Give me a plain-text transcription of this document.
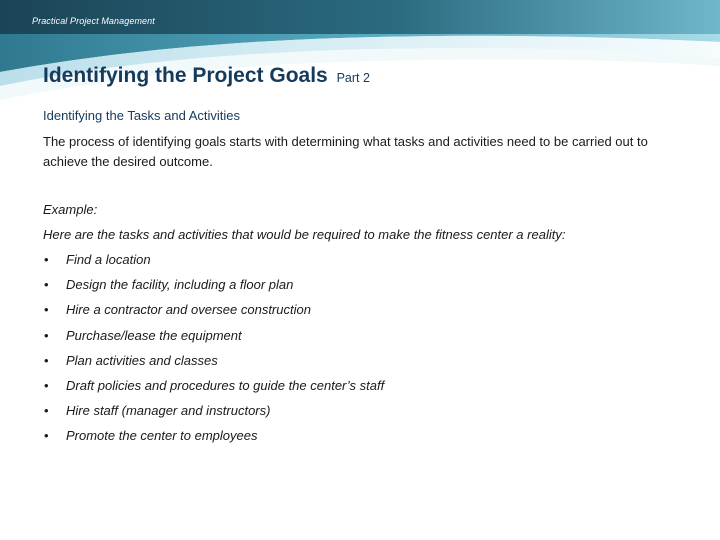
Practical Project Management
Identifying the Project Goals Part 2
Identifying the Tasks and Activities
The process of identifying goals starts with determining what tasks and activities need to be carried out to achieve the desired outcome.
Example:
Here are the tasks and activities that would be required to make the fitness center a reality:
•	Find a location
•	Design the facility, including a floor plan
•	Hire a contractor and oversee construction
•	Purchase/lease the equipment
•	Plan activities and classes
•	Draft policies and procedures to guide the center’s staff
•	Hire staff (manager and instructors)
•	Promote the center to employees
